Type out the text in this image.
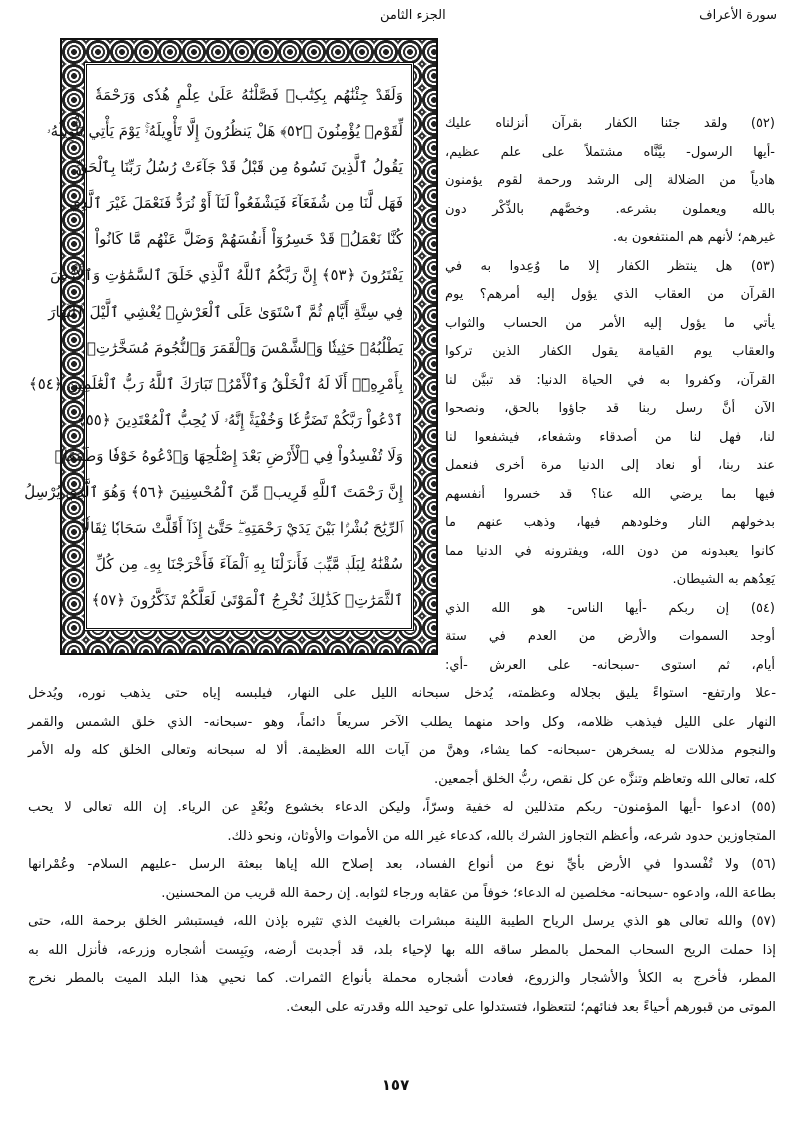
سورة الأعراف
الجزء الثامن
وَلَقَدْ جِئْنَٰهُم بِكِتَٰبٖ فَصَّلْنَٰهُ عَلَىٰ عِلْمٍ هُدٗى وَرَحْمَةٗ
لِّقَوْمٖ يُؤْمِنُونَ ﴿٥٢﴾ هَلْ يَنظُرُونَ إِلَّا تَأْوِيلَهُۥۚ يَوْمَ يَأْتِي تَأْوِيلُهُۥ
يَقُولُ ٱلَّذِينَ نَسُوهُ مِن قَبْلُ قَدْ جَآءَتْ رُسُلُ رَبِّنَا بِٱلْحَقِّ
فَهَل لَّنَا مِن شُفَعَآءَ فَيَشْفَعُواْ لَنَآ أَوْ نُرَدُّ فَنَعْمَلَ غَيْرَ ٱلَّذِي
كُنَّا نَعْمَلُۚ قَدْ خَسِرُوٓاْ أَنفُسَهُمْ وَضَلَّ عَنْهُم مَّا كَانُواْ
يَفْتَرُونَ ﴿٥٣﴾ إِنَّ رَبَّكُمُ ٱللَّهُ ٱلَّذِي خَلَقَ ٱلسَّمَٰوَٰتِ وَٱلْأَرْضَ
فِي سِتَّةِ أَيَّامٖ ثُمَّ ٱسْتَوَىٰ عَلَى ٱلْعَرْشِۖ يُغْشِي ٱلَّيْلَ ٱلنَّهَارَ
يَطْلُبُهُۥ حَثِيثٗا وَٱلشَّمْسَ وَٱلْقَمَرَ وَٱلنُّجُومَ مُسَخَّرَٰتِۭ
بِأَمْرِهِۦٓۗ أَلَا لَهُ ٱلْخَلْقُ وَٱلْأَمْرُۗ تَبَارَكَ ٱللَّهُ رَبُّ ٱلْعَٰلَمِينَ ﴿٥٤﴾
ٱدْعُواْ رَبَّكُمْ تَضَرُّعٗا وَخُفْيَةًۚ إِنَّهُۥ لَا يُحِبُّ ٱلْمُعْتَدِينَ ﴿٥٥﴾
وَلَا تُفْسِدُواْ فِي ٱلْأَرْضِ بَعْدَ إِصْلَٰحِهَا وَٱدْعُوهُ خَوْفٗا وَطَمَعًاۚ
إِنَّ رَحْمَتَ ٱللَّهِ قَرِيبٞ مِّنَ ٱلْمُحْسِنِينَ ﴿٥٦﴾ وَهُوَ ٱلَّذِي يُرْسِلُ
ٱلرِّيَٰحَ بُشْرَۢا بَيْنَ يَدَيْ رَحْمَتِهِۦۖ حَتَّىٰٓ إِذَآ أَقَلَّتْ سَحَابٗا ثِقَالٗا
سُقْنَٰهُ لِبَلَدٖ مَّيِّتٖ فَأَنزَلْنَا بِهِ ٱلْمَآءَ فَأَخْرَجْنَا بِهِۦ مِن كُلِّ
ٱلثَّمَرَٰتِۚ كَذَٰلِكَ نُخْرِجُ ٱلْمَوْتَىٰ لَعَلَّكُمْ تَذَكَّرُونَ ﴿٥٧﴾
(٥٢) ولقد جئنا الكفار بقرآن أنزلناه عليك
-أيها الرسول- بيَّنَّاه مشتملاً على علم عظيم،
هادياً من الضلالة إلى الرشد ورحمة لقوم يؤمنون
بالله ويعملون بشرعه. وخصَّهم بالذِّكْر دون
غيرهم؛ لأنهم هم المنتفعون به.
(٥٣) هل ينتظر الكفار إلا ما وُعِدوا به في
القرآن من العقاب الذي يؤول إليه أمرهم؟ يوم
يأتي ما يؤول إليه الأمر من الحساب والثواب
والعقاب يوم القيامة يقول الكفار الذين تركوا
القرآن، وكفروا به في الحياة الدنيا: قد تبيَّن لنا
الآن أنَّ رسل ربنا قد جاؤوا بالحق، ونصحوا
لنا، فهل لنا من أصدقاء وشفعاء، فيشفعوا لنا
عند ربنا، أو نعاد إلى الدنيا مرة أخرى فنعمل
فيها بما يرضي الله عنا؟ قد خسروا أنفسهم
بدخولهم النار وخلودهم فيها، وذهب عنهم ما
كانوا يعبدونه من دون الله، ويفترونه في الدنيا مما
يَعِدُهم به الشيطان.
(٥٤) إن ربكم -أيها الناس- هو الله الذي
أوجد السموات والأرض من العدم في ستة
أيام، ثم استوى -سبحانه- على العرش -أي:
-علا وارتفع- استواءً يليق بجلاله وعظمته، يُدخل سبحانه الليل على النهار، فيلبسه إياه حتى يذهب نوره، ويُدخل
النهار على الليل فيذهب ظلامه، وكل واحد منهما يطلب الآخر سريعاً دائماً، وهو -سبحانه- الذي خلق الشمس والقمر
والنجوم مذللات له يسخرهن -سبحانه- كما يشاء، وهنَّ من آيات الله العظيمة. ألا له سبحانه وتعالى الخلق كله وله الأمر
كله، تعالى الله وتعاظم وتنزَّه عن كل نقص، ربُّ الخلق أجمعين.
(٥٥) ادعوا -أيها المؤمنون- ربكم متذللين له خفية وسرّاً، وليكن الدعاء بخشوع وبُعْدٍ عن الرياء. إن الله تعالى لا يحب
المتجاوزين حدود شرعه، وأعظم التجاوز الشرك بالله، كدعاء غير الله من الأموات والأوثان، ونحو ذلك.
(٥٦) ولا تُفْسدوا في الأرض بأيِّ نوع من أنواع الفساد، بعد إصلاح الله إياها ببعثة الرسل -عليهم السلام- وعُمْرانها
بطاعة الله، وادعوه -سبحانه- مخلصين له الدعاء؛ خوفاً من عقابه ورجاء لثوابه. إن رحمة الله قريب من المحسنين.
(٥٧) والله تعالى هو الذي يرسل الرياح الطيبة اللينة مبشرات بالغيث الذي تثيره بإذن الله، فيستبشر الخلق برحمة الله، حتى
إذا حملت الريح السحاب المحمل بالمطر ساقه الله بها لإحياء بلد، قد أجدبت أرضه، ويَبِست أشجاره وزرعه، فأنزل الله به
المطر، فأخرج به الكلأ والأشجار والزروع، فعادت أشجاره محملة بأنواع الثمرات. كما نحيي هذا البلد الميت بالمطر نخرج
الموتى من قبورهم أحياءً بعد فنائهم؛ لتتعظوا، فتستدلوا على توحيد الله وقدرته على البعث.
١٥٧
